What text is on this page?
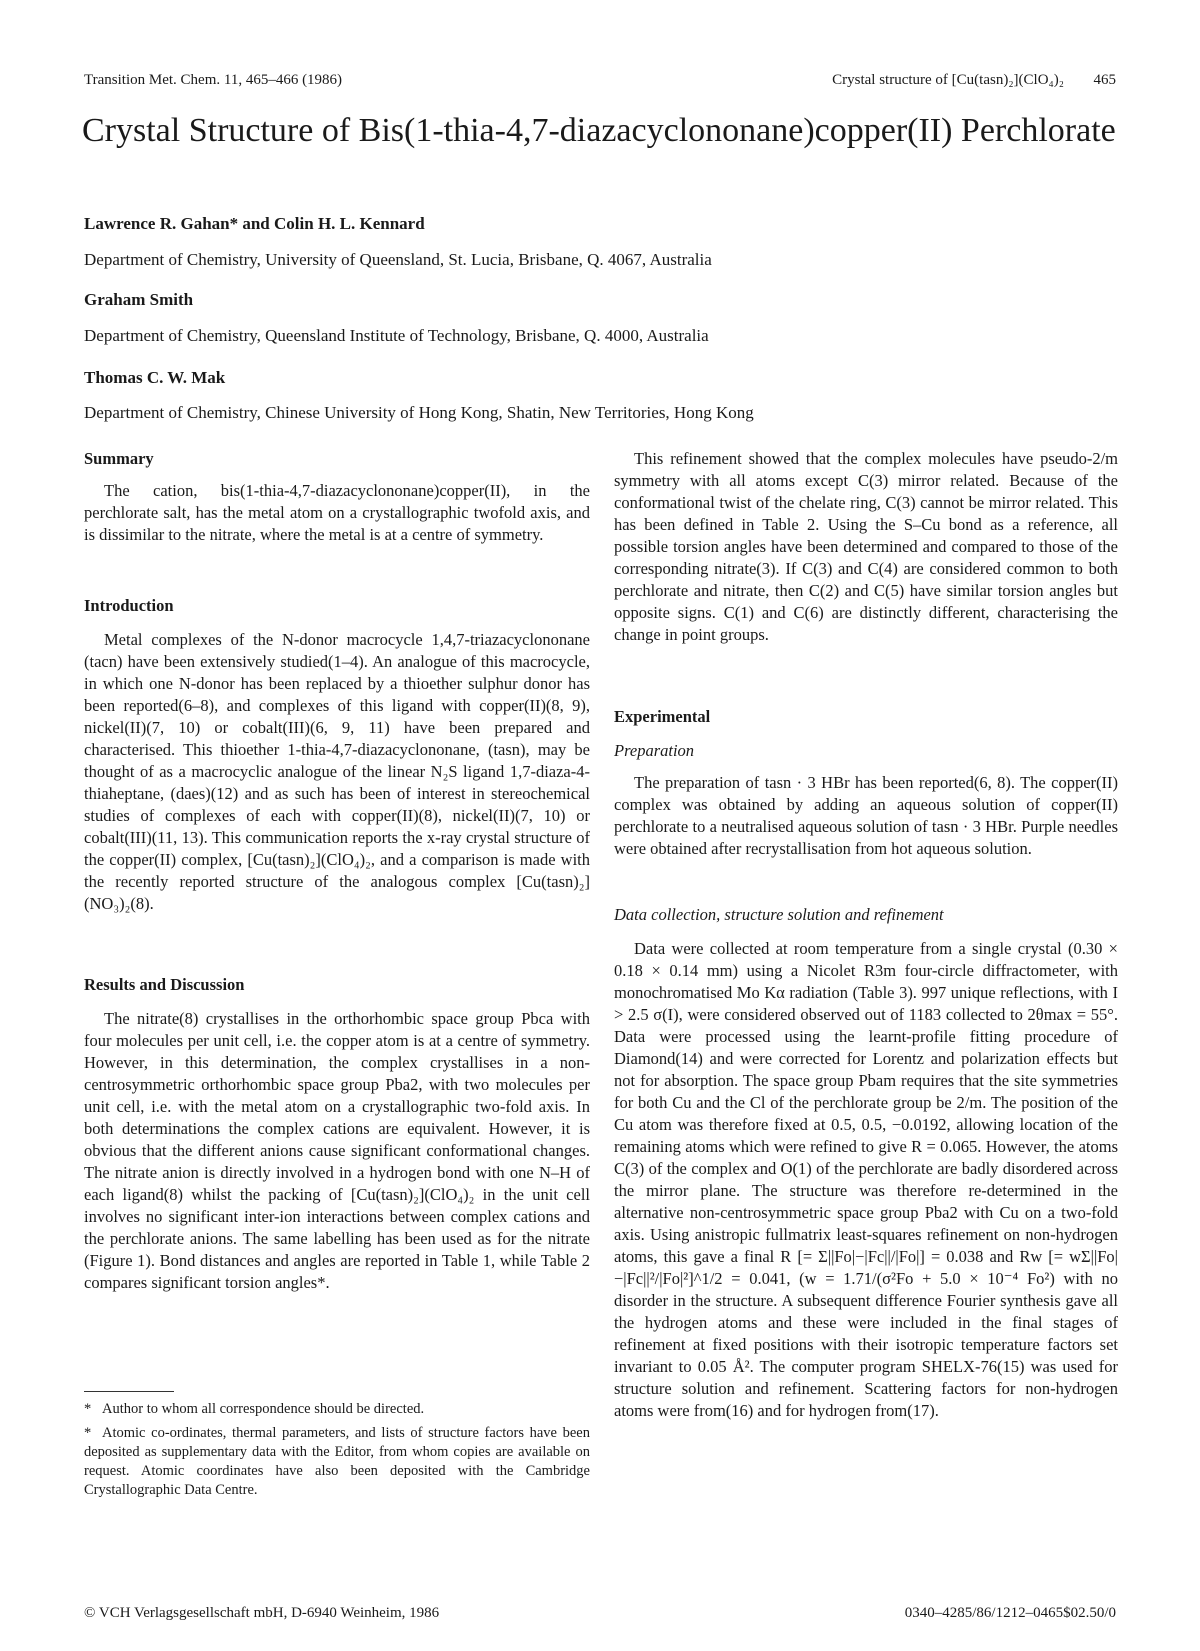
Transition Met. Chem. 11, 465–466 (1986)	Crystal structure of [Cu(tasn)₂](ClO₄)₂ 465
Crystal Structure of Bis(1-thia-4,7-diazacyclononane)copper(II) Perchlorate
Lawrence R. Gahan* and Colin H. L. Kennard
Department of Chemistry, University of Queensland, St. Lucia, Brisbane, Q. 4067, Australia
Graham Smith
Department of Chemistry, Queensland Institute of Technology, Brisbane, Q. 4000, Australia
Thomas C. W. Mak
Department of Chemistry, Chinese University of Hong Kong, Shatin, New Territories, Hong Kong
Summary

The cation, bis(1-thia-4,7-diazacyclononane)copper(II), in the perchlorate salt, has the metal atom on a crystallographic twofold axis, and is dissimilar to the nitrate, where the metal is at a centre of symmetry.

Introduction

Metal complexes of the N-donor macrocycle 1,4,7-triazacyclononane (tacn) have been extensively studied(1–4). An analogue of this macrocycle, in which one N-donor has been replaced by a thioether sulphur donor has been reported(6–8), and complexes of this ligand with copper(II)(8, 9), nickel(II)(7, 10) or cobalt(III)(6, 9, 11) have been prepared and characterised. This thioether 1-thia-4,7-diazacyclononane, (tasn), may be thought of as a macrocyclic analogue of the linear N₂S ligand 1,7-diaza-4-thiaheptane, (daes)(12) and as such has been of interest in stereochemical studies of complexes of each with copper(II)(8), nickel(II)(7, 10) or cobalt(III)(11, 13). This communication reports the x-ray crystal structure of the copper(II) complex, [Cu(tasn)₂](ClO₄)₂, and a comparison is made with the recently reported structure of the analogous complex [Cu(tasn)₂](NO₃)₂(8).

Results and Discussion

The nitrate(8) crystallises in the orthorhombic space group Pbca with four molecules per unit cell, i.e. the copper atom is at a centre of symmetry. However, in this determination, the complex crystallises in a non-centrosymmetric orthorhombic space group Pba2, with two molecules per unit cell, i.e. with the metal atom on a crystallographic two-fold axis. In both determinations the complex cations are equivalent. However, it is obvious that the different anions cause significant conformational changes. The nitrate anion is directly involved in a hydrogen bond with one N–H of each ligand(8) whilst the packing of [Cu(tasn)₂](ClO₄)₂ in the unit cell involves no significant inter-ion interactions between complex cations and the perchlorate anions. The same labelling has been used as for the nitrate (Figure 1). Bond distances and angles are reported in Table 1, while Table 2 compares significant torsion angles*.

* Author to whom all correspondence should be directed.
* Atomic co-ordinates, thermal parameters, and lists of structure factors have been deposited as supplementary data with the Editor, from whom copies are available on request. Atomic coordinates have also been deposited with the Cambridge Crystallographic Data Centre.

This refinement showed that the complex molecules have pseudo-2/m symmetry with all atoms except C(3) mirror related. Because of the conformational twist of the chelate ring, C(3) cannot be mirror related. This has been defined in Table 2. Using the S–Cu bond as a reference, all possible torsion angles have been determined and compared to those of the corresponding nitrate(3). If C(3) and C(4) are considered common to both perchlorate and nitrate, then C(2) and C(5) have similar torsion angles but opposite signs. C(1) and C(6) are distinctly different, characterising the change in point groups.

Experimental
Preparation

The preparation of tasn · 3 HBr has been reported(6, 8). The copper(II) complex was obtained by adding an aqueous solution of copper(II) perchlorate to a neutralised aqueous solution of tasn · 3 HBr. Purple needles were obtained after recrystallisation from hot aqueous solution.

Data collection, structure solution and refinement

Data were collected at room temperature from a single crystal (0.30 × 0.18 × 0.14 mm) using a Nicolet R3m four-circle diffractometer, with monochromatised Mo Kα radiation (Table 3). 997 unique reflections, with I > 2.5 σ(I), were considered observed out of 1183 collected to 2θmax = 55°. Data were processed using the learnt-profile fitting procedure of Diamond(14) and were corrected for Lorentz and polarization effects but not for absorption. The space group Pbam requires that the site symmetries for both Cu and the Cl of the perchlorate group be 2/m. The position of the Cu atom was therefore fixed at 0.5, 0.5, −0.0192, allowing location of the remaining atoms which were refined to give R = 0.065. However, the atoms C(3) of the complex and O(1) of the perchlorate are badly disordered across the mirror plane. The structure was therefore re-determined in the alternative non-centrosymmetric space group Pba2 with Cu on a two-fold axis. Using anistropic fullmatrix least-squares refinement on non-hydrogen atoms, this gave a final R [= Σ||Fo|−|Fc||/|Fo|] = 0.038 and Rw [= wΣ||Fo|−|Fc||²/|Fo|²]^1/2 = 0.041, (w = 1.71/(σ²Fo + 5.0 × 10⁻⁴ Fo²) with no disorder in the structure. A subsequent difference Fourier synthesis gave all the hydrogen atoms and these were included in the final stages of refinement at fixed positions with their isotropic temperature factors set invariant to 0.05 Å². The computer program SHELX-76(15) was used for structure solution and refinement. Scattering factors for non-hydrogen atoms were from(16) and for hydrogen from(17).

© VCH Verlagsgesellschaft mbH, D-6940 Weinheim, 1986	0340–4285/86/1212–0465$02.50/0
